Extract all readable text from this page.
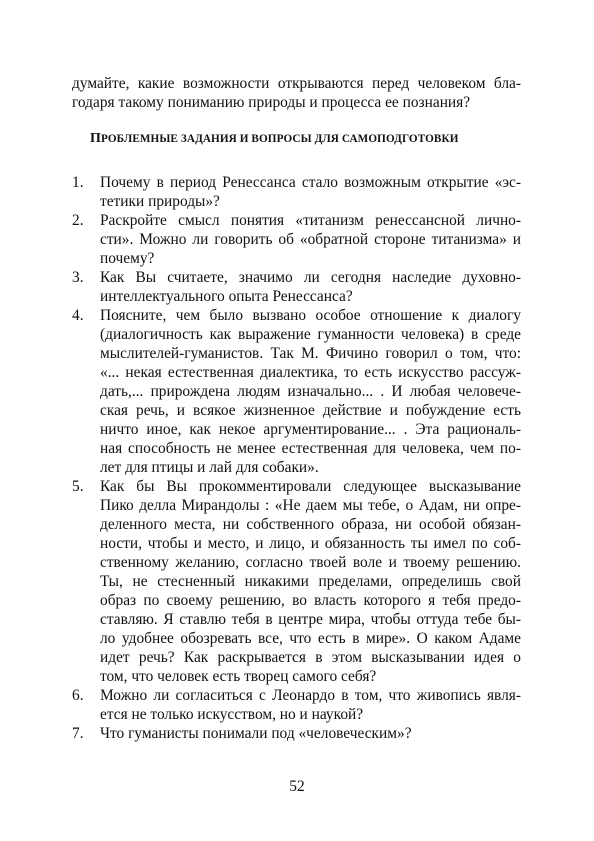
думайте, какие возможности открываются перед человеком бла-
годаря такому пониманию природы и процесса ее познания?
ПРОБЛЕМНЫЕ ЗАДАНИЯ И ВОПРОСЫ ДЛЯ САМОПОДГОТОВКИ
1.	Почему в период Ренессанса стало возможным открытие «эс-
тетики природы»?
2.	Раскройте смысл понятия «титанизм ренессансной лично-
сти». Можно ли говорить об «обратной стороне титанизма» и
почему?
3.	Как Вы считаете, значимо ли сегодня наследие духовно-
интеллектуального опыта Ренессанса?
4.	Поясните, чем было вызвано особое отношение к диалогу
(диалогичность как выражение гуманности человека) в среде
мыслителей-гуманистов. Так М. Фичино говорил о том, что:
«... некая естественная диалектика, то есть искусство рассуж-
дать,... прирождена людям изначально... . И любая человече-
ская речь, и всякое жизненное действие и побуждение есть
ничто иное, как некое аргументирование... . Эта рациональ-
ная способность не менее естественная для человека, чем по-
лет для птицы и лай для собаки».
5.	Как бы Вы прокомментировали следующее высказывание
Пико делла Мирандолы : «Не даем мы тебе, о Адам, ни опре-
деленного места, ни собственного образа, ни особой обязан-
ности, чтобы и место, и лицо, и обязанность ты имел по соб-
ственному желанию, согласно твоей воле и твоему решению.
Ты, не стесненный никакими пределами, определишь свой
образ по своему решению, во власть которого я тебя предо-
ставляю. Я ставлю тебя в центре мира, чтобы оттуда тебе бы-
ло удобнее обозревать все, что есть в мире». О каком Адаме
идет речь? Как раскрывается в этом высказывании идея о
том, что человек есть творец самого себя?
6.	Можно ли согласиться с Леонардо в том, что живопись явля-
ется не только искусством, но и наукой?
7.	Что гуманисты понимали под «человеческим»?
52
